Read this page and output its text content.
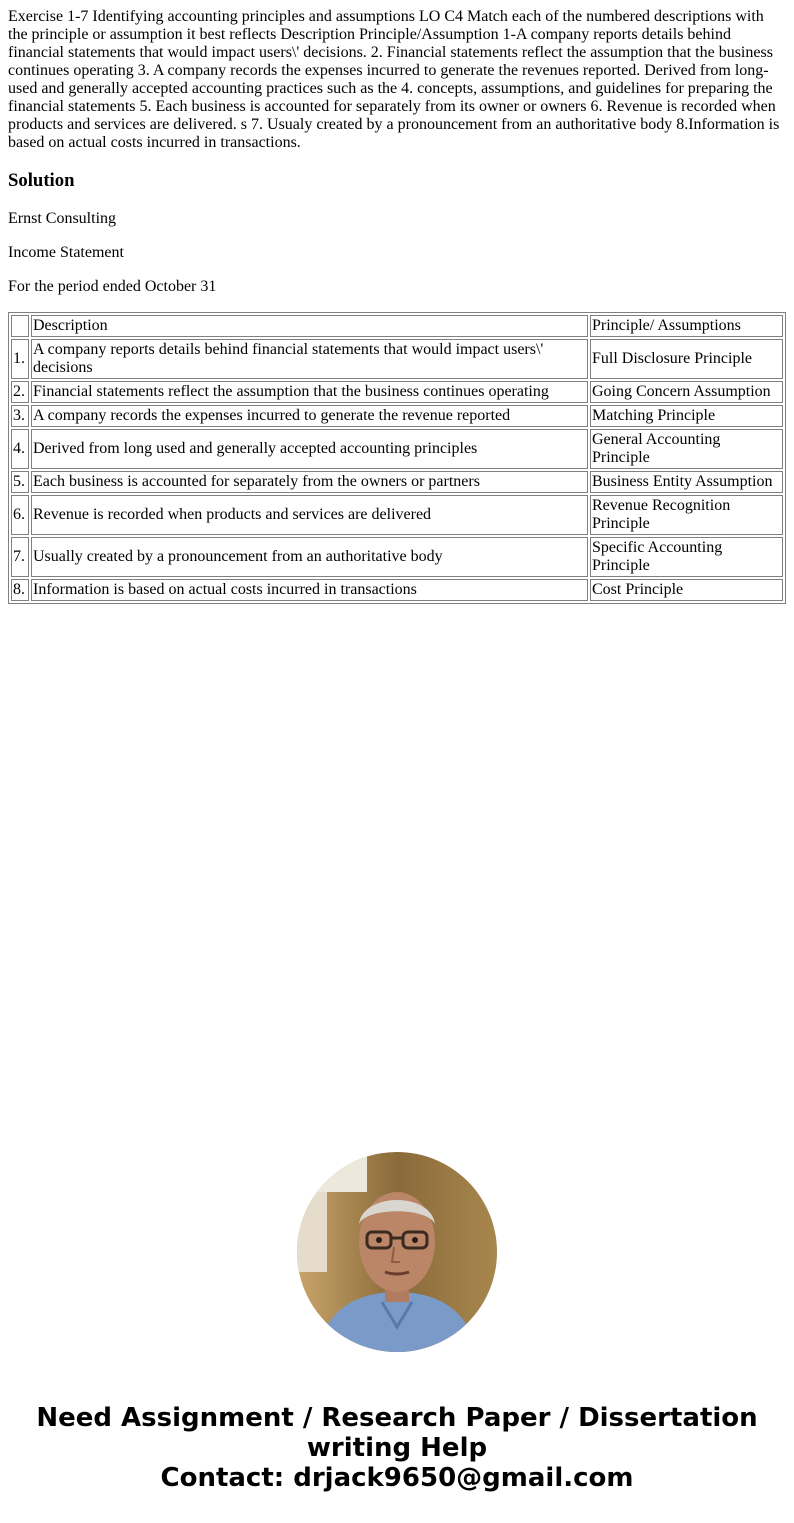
Exercise 1-7 Identifying accounting principles and assumptions LO C4 Match each of the numbered descriptions with the principle or assumption it best reflects Description Principle/Assumption 1-A company reports details behind financial statements that would impact users\' decisions. 2. Financial statements reflect the assumption that the business continues operating 3. A company records the expenses incurred to generate the revenues reported. Derived from long-used and generally accepted accounting practices such as the 4. concepts, assumptions, and guidelines for preparing the financial statements 5. Each business is accounted for separately from its owner or owners 6. Revenue is recorded when products and services are delivered. s 7. Usualy created by a pronouncement from an authoritative body 8.Information is based on actual costs incurred in transactions.
Solution

Ernst Consulting

Income Statement

For the period ended October 31

	Description	Principle/ Assumptions
1.	A company reports details behind financial statements that would impact users\' decisions	Full Disclosure Principle
2.	Financial statements reflect the assumption that the business continues operating	Going Concern Assumption
3.	A company records the expenses incurred to generate the revenue reported	Matching Principle
4.	Derived from long used and generally accepted accounting principles	General Accounting Principle
5.	Each business is accounted for separately from the owners or partners	Business Entity Assumption
6.	Revenue is recorded when products and services are delivered	Revenue Recognition Principle
7.	Usually created by a pronouncement from an authoritative body	Specific Accounting Principle
8.	Information is based on actual costs incurred in transactions	Cost Principle
Need Assignment / Research Paper / Dissertation
writing Help
Contact: drjack9650@gmail.com
